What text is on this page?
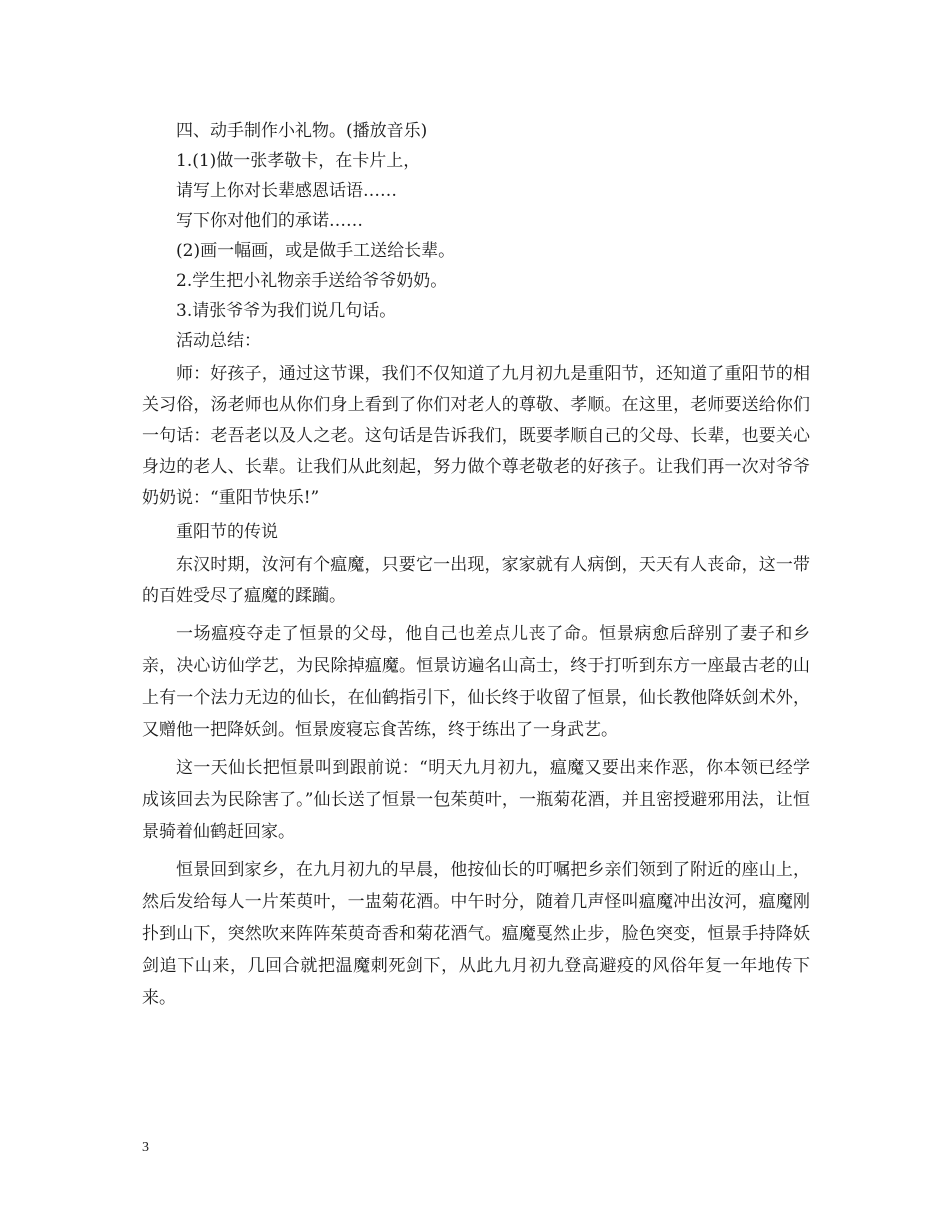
四、动手制作小礼物。(播放音乐)

1.(1)做一张孝敬卡，在卡片上，

请写上你对长辈感恩话语……

写下你对他们的承诺……

(2)画一幅画，或是做手工送给长辈。

2.学生把小礼物亲手送给爷爷奶奶。

3.请张爷爷为我们说几句话。

活动总结：

师：好孩子，通过这节课，我们不仅知道了九月初九是重阳节，还知道了重阳节的相关习俗，汤老师也从你们身上看到了你们对老人的尊敬、孝顺。在这里，老师要送给你们一句话：老吾老以及人之老。这句话是告诉我们，既要孝顺自己的父母、长辈，也要关心身边的老人、长辈。让我们从此刻起，努力做个尊老敬老的好孩子。让我们再一次对爷爷奶奶说：“重阳节快乐!”

重阳节的传说

东汉时期，汝河有个瘟魔，只要它一出现，家家就有人病倒，天天有人丧命，这一带的百姓受尽了瘟魔的蹂躏。

一场瘟疫夺走了恒景的父母，他自己也差点儿丧了命。恒景病愈后辞别了妻子和乡亲，决心访仙学艺，为民除掉瘟魔。恒景访遍名山高士，终于打听到东方一座最古老的山上有一个法力无边的仙长，在仙鹤指引下，仙长终于收留了恒景，仙长教他降妖剑术外，又赠他一把降妖剑。恒景废寝忘食苦练，终于练出了一身武艺。

这一天仙长把恒景叫到跟前说：“明天九月初九，瘟魔又要出来作恶，你本领已经学成该回去为民除害了。”仙长送了恒景一包茱萸叶，一瓶菊花酒，并且密授避邪用法，让恒景骑着仙鹤赶回家。

恒景回到家乡，在九月初九的早晨，他按仙长的叮嘱把乡亲们领到了附近的座山上，然后发给每人一片茱萸叶，一盅菊花酒。中午时分，随着几声怪叫瘟魔冲出汝河，瘟魔刚扑到山下，突然吹来阵阵茱萸奇香和菊花酒气。瘟魔戛然止步，脸色突变，恒景手持降妖剑追下山来，几回合就把温魔刺死剑下，从此九月初九登高避疫的风俗年复一年地传下来。

3
